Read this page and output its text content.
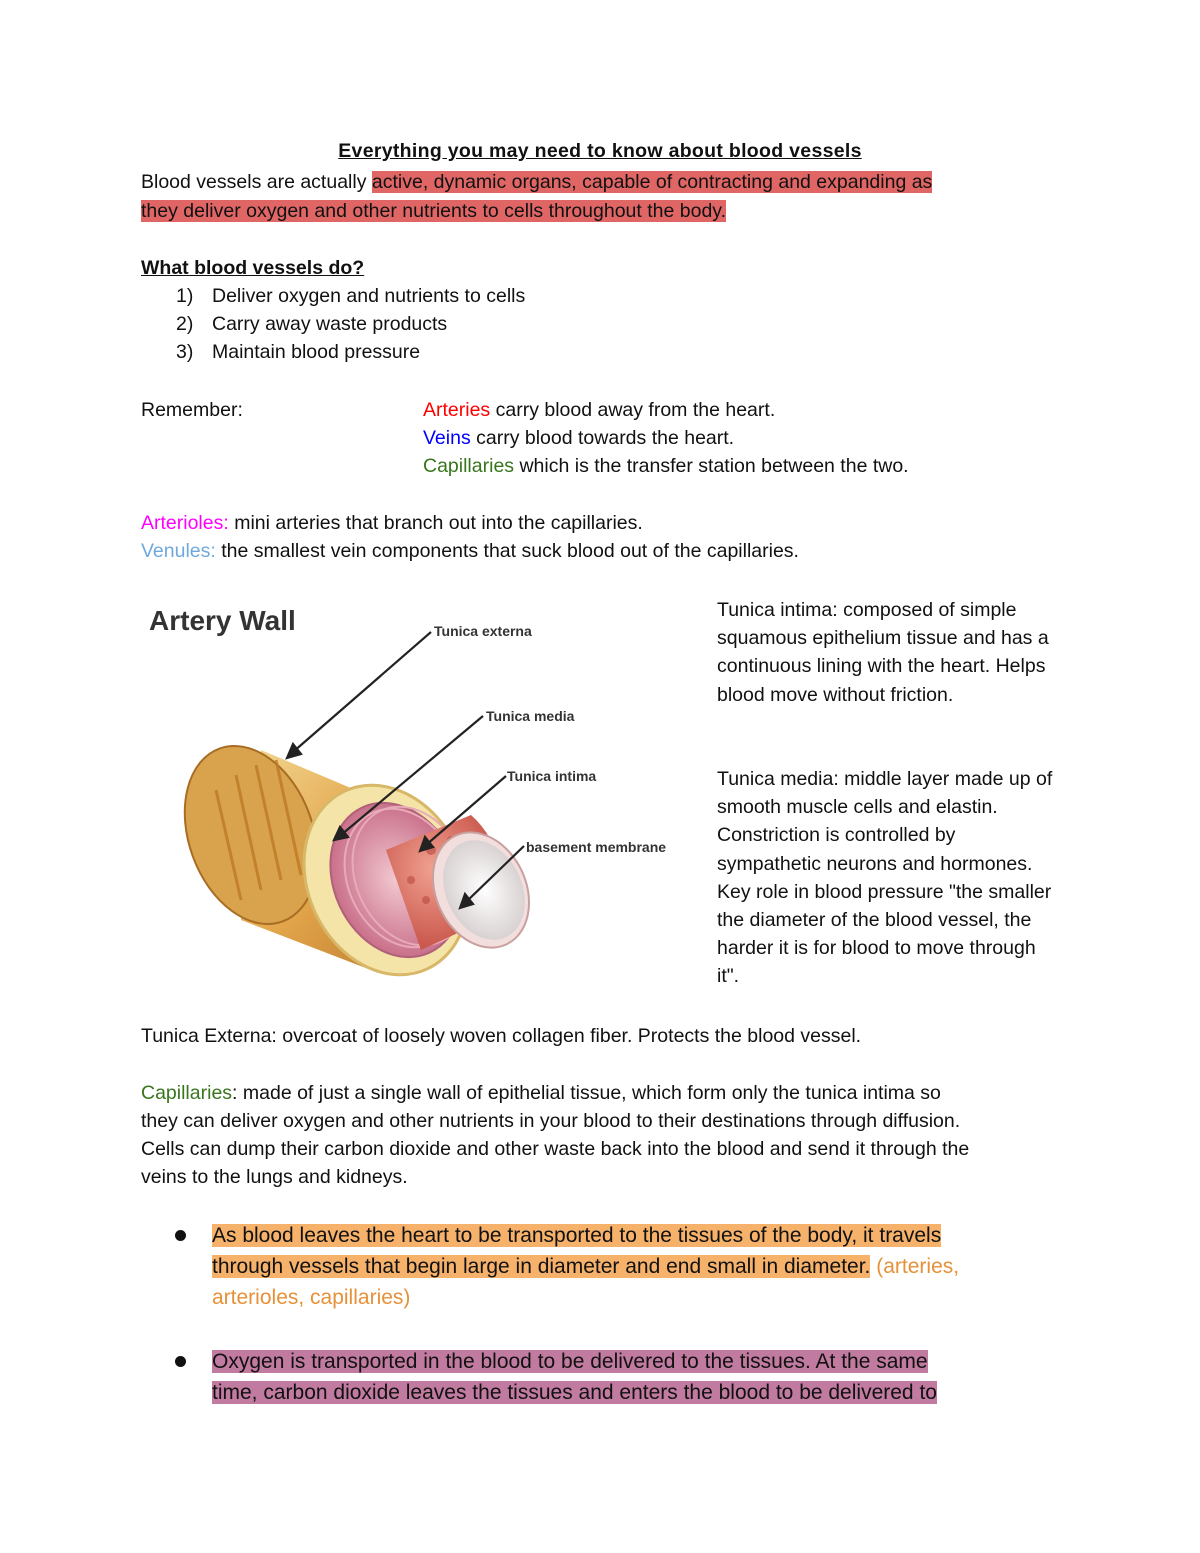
Everything you may need to know about blood vessels
Blood vessels are actually active, dynamic organs, capable of contracting and expanding as
they deliver oxygen and other nutrients to cells throughout the body.
What blood vessels do?
1) Deliver oxygen and nutrients to cells
2) Carry away waste products
3) Maintain blood pressure
Remember:	Arteries carry blood away from the heart.
Veins carry blood towards the heart.
Capillaries which is the transfer station between the two.
Arterioles: mini arteries that branch out into the capillaries.
Venules: the smallest vein components that suck blood out of the capillaries.
Artery Wall	Tunica externa
Tunica media
Tunica intima
basement membrane
Tunica intima: composed of simple squamous epithelium tissue and has a continuous lining with the heart. Helps blood move without friction.
Tunica media: middle layer made up of smooth muscle cells and elastin. Constriction is controlled by sympathetic neurons and hormones. Key role in blood pressure "the smaller the diameter of the blood vessel, the harder it is for blood to move through it".
Tunica Externa: overcoat of loosely woven collagen fiber. Protects the blood vessel.
Capillaries: made of just a single wall of epithelial tissue, which form only the tunica intima so
they can deliver oxygen and other nutrients in your blood to their destinations through diffusion.
Cells can dump their carbon dioxide and other waste back into the blood and send it through the
veins to the lungs and kidneys.
As blood leaves the heart to be transported to the tissues of the body, it travels
through vessels that begin large in diameter and end small in diameter. (arteries,
arterioles, capillaries)
Oxygen is transported in the blood to be delivered to the tissues. At the same
time, carbon dioxide leaves the tissues and enters the blood to be delivered to
